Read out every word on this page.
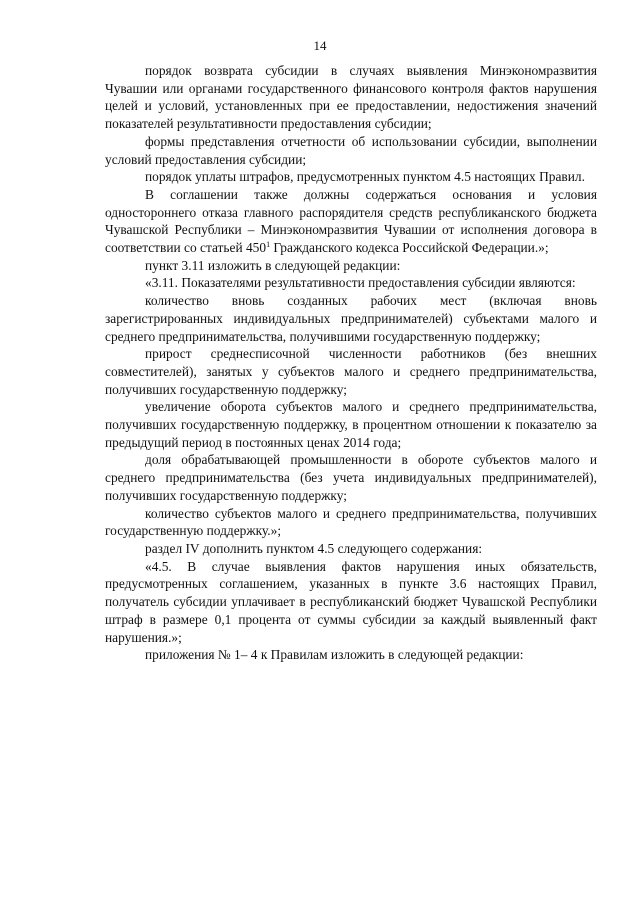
14

порядок возврата субсидии в случаях выявления Минэкономразвития Чувашии или органами государственного финансового контроля фактов нарушения целей и условий, установленных при ее предоставлении, недостижения значений показателей результативности предоставления субсидии;

формы представления отчетности об использовании субсидии, выполнении условий предоставления субсидии;

порядок уплаты штрафов, предусмотренных пунктом 4.5 настоящих Правил.

В соглашении также должны содержаться основания и условия одностороннего отказа главного распорядителя средств республиканского бюджета Чувашской Республики – Минэкономразвития Чувашии от исполнения договора в соответствии со статьей $450^1$ Гражданского кодекса Российской Федерации.»;

пункт 3.11 изложить в следующей редакции:

«3.11. Показателями результативности предоставления субсидии являются:

количество вновь созданных рабочих мест (включая вновь зарегистрированных индивидуальных предпринимателей) субъектами малого и среднего предпринимательства, получившими государственную поддержку;

прирост среднесписочной численности работников (без внешних совместителей), занятых у субъектов малого и среднего предпринимательства, получивших государственную поддержку;

увеличение оборота субъектов малого и среднего предпринимательства, получивших государственную поддержку, в процентном отношении к показателю за предыдущий период в постоянных ценах 2014 года;

доля обрабатывающей промышленности в обороте субъектов малого и среднего предпринимательства (без учета индивидуальных предпринимателей), получивших государственную поддержку;

количество субъектов малого и среднего предпринимательства, получивших государственную поддержку.»;

раздел IV дополнить пунктом 4.5 следующего содержания:

«4.5. В случае выявления фактов нарушения иных обязательств, предусмотренных соглашением, указанных в пункте 3.6 настоящих Правил, получатель субсидии уплачивает в республиканский бюджет Чувашской Республики штраф в размере 0,1 процента от суммы субсидии за каждый выявленный факт нарушения.»;

приложения № 1– 4 к Правилам изложить в следующей редакции:
